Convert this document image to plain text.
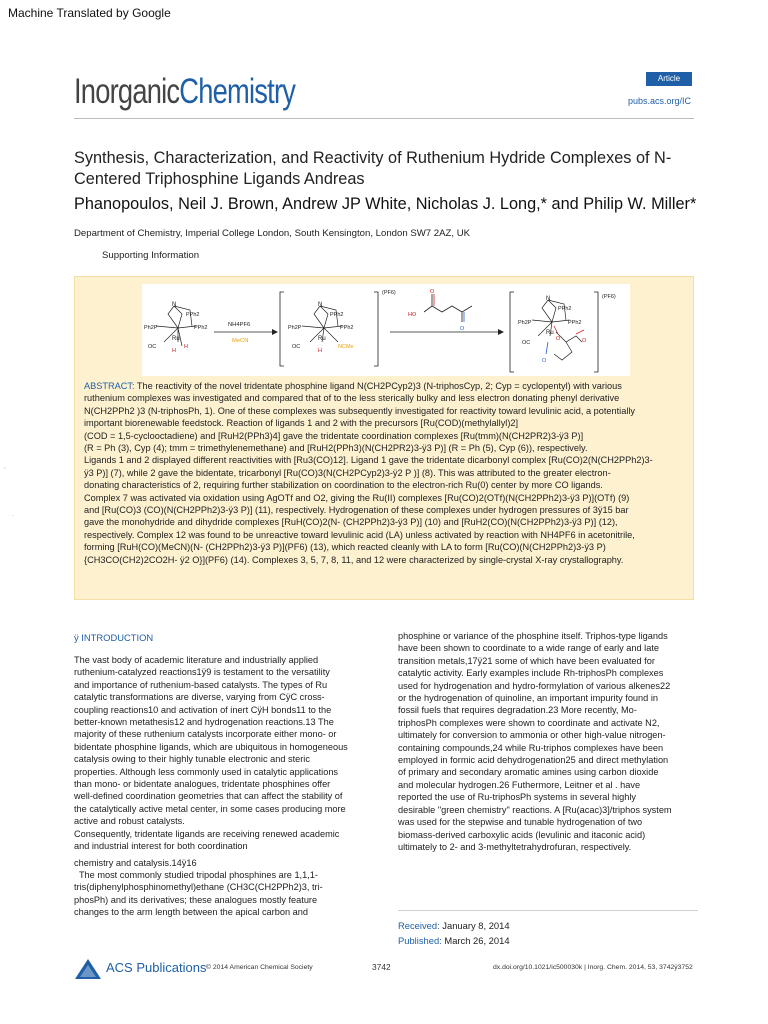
Machine Translated by Google
InorganicChemistry	Article
pubs.acs.org/IC
Synthesis, Characterization, and Reactivity of Ruthenium Hydride Complexes of N-Centered Triphosphine Ligands Andreas
Phanopoulos, Neil J. Brown, Andrew JP White, Nicholas J. Long,* and Philip W. Miller*
Department of Chemistry, Imperial College London, South Kensington, London SW7 2AZ, UK
Supporting Information
N
PPh2
Ph2P	PPh2
Ru
OC
H
H
NH4PF6
MeCN
N
PPh2
Ph2P	PPh2
Ru
OC
H
NCMe
(PF6)
HO
O
O
N
PPh2
Ph2P	PPh2
Ru
OC
O	O
O
(PF6)
ABSTRACT: The reactivity of the novel tridentate phosphine ligand N(CH2PCyp2)3 (N-triphosCyp, 2; Cyp = cyclopentyl) with various
ruthenium complexes was investigated and compared that of to the less sterically bulky and less electron donating phenyl derivative
N(CH2PPh2 )3 (N-triphosPh, 1). One of these complexes was subsequently investigated for reactivity toward levulinic acid, a potentially
important biorenewable feedstock. Reaction of ligands 1 and 2 with the precursors [Ru(COD)(methylallyl)2]
(COD = 1,5-cyclooctadiene) and [RuH2(PPh3)4] gave the tridentate coordination complexes [Ru(tmm)(N(CH2PR2)3-ÿ3 P)]
(R = Ph (3), Cyp (4); tmm = trimethylenemethane) and [RuH2(PPh3)(N(CH2PR2)3-ÿ3 P)] (R = Ph (5), Cyp (6)), respectively.
Ligands 1 and 2 displayed different reactivities with [Ru3(CO)12]. Ligand 1 gave the tridentate dicarbonyl complex [Ru(CO)2(N(CH2PPh2)3-
ÿ3 P)] (7), while 2 gave the bidentate, tricarbonyl [Ru(CO)3(N(CH2PCyp2)3-ÿ2 P )] (8). This was attributed to the greater electron-
donating characteristics of 2, requiring further stabilization on coordination to the electron-rich Ru(0) center by more CO ligands.
Complex 7 was activated via oxidation using AgOTf and O2, giving the Ru(II) complexes [Ru(CO)2(OTf)(N(CH2PPh2)3-ÿ3 P)](OTf) (9)
and [Ru(CO)3 (CO)(N(CH2PPh2)3-ÿ3 P)] (11), respectively. Hydrogenation of these complexes under hydrogen pressures of 3ÿ15 bar
gave the monohydride and dihydride complexes [RuH(CO)2(N- (CH2PPh2)3-ÿ3 P)] (10) and [RuH2(CO)(N(CH2PPh2)3-ÿ3 P)] (12),
respectively. Complex 12 was found to be unreactive toward levulinic acid (LA) unless activated by reaction with NH4PF6 in acetonitrile,
forming [RuH(CO)(MeCN)(N- (CH2PPh2)3-ÿ3 P)](PF6) (13), which reacted cleanly with LA to form [Ru(CO)(N(CH2PPh2)3-ÿ3 P)
{CH3CO(CH2)2CO2H- ÿ2 O}](PF6) (14). Complexes 3, 5, 7, 8, 11, and 12 were characterized by single-crystal X-ray crystallography.
,
.
ÿ INTRODUCTION
The vast body of academic literature and industrially applied
ruthenium-catalyzed reactions1ÿ9 is testament to the versatility
and importance of ruthenium-based catalysts. The types of Ru
catalytic transformations are diverse, varying from CÿC cross-
coupling reactions10 and activation of inert CÿH bonds11 to the
better-known metathesis12 and hydrogenation reactions.13 The
majority of these ruthenium catalysts incorporate either mono- or
bidentate phosphine ligands, which are ubiquitous in homogeneous
catalysis owing to their highly tunable electronic and steric
properties. Although less commonly used in catalytic applications
than mono- or bidentate analogues, tridentate phosphines offer
well-defined coordination geometries that can affect the stability of
the catalytically active metal center, in some cases producing more
active and robust catalysts.
Consequently, tridentate ligands are receiving renewed academic
and industrial interest for both coordination
chemistry and catalysis.14ÿ16
The most commonly studied tripodal phosphines are 1,1,1-
tris(diphenylphosphinomethyl)ethane (CH3C(CH2PPh2)3, tri-
phosPh) and its derivatives; these analogues mostly feature
changes to the arm length between the apical carbon and
phosphine or variance of the phosphine itself. Triphos-type ligands
have been shown to coordinate to a wide range of early and late
transition metals,17ÿ21 some of which have been evaluated for
catalytic activity. Early examples include Rh-triphosPh complexes
used for hydrogenation and hydro-formylation of various alkenes22
or the hydrogenation of quinoline, an important impurity found in
fossil fuels that requires degradation.23 More recently, Mo-
triphosPh complexes were shown to coordinate and activate N2,
ultimately for conversion to ammonia or other high-value nitrogen-
containing compounds,24 while Ru-triphos complexes have been
employed in formic acid dehydrogenation25 and direct methylation
of primary and secondary aromatic amines using carbon dioxide
and molecular hydrogen.26 Futhermore, Leitner et al . have
reported the use of Ru-triphosPh systems in several highly
desirable "green chemistry" reactions. A [Ru(acac)3]/triphos system
was used for the stepwise and tunable hydrogenation of two
biomass-derived carboxylic acids (levulinic and itaconic acid)
ultimately to 2- and 3-methyltetrahydrofuran, respectively.
Received: January 8, 2014
Published: March 26, 2014
ACS Publications © 2014 American Chemical Society	3742	dx.doi.org/10.1021/ic500030k | Inorg. Chem. 2014, 53, 3742ÿ3752
